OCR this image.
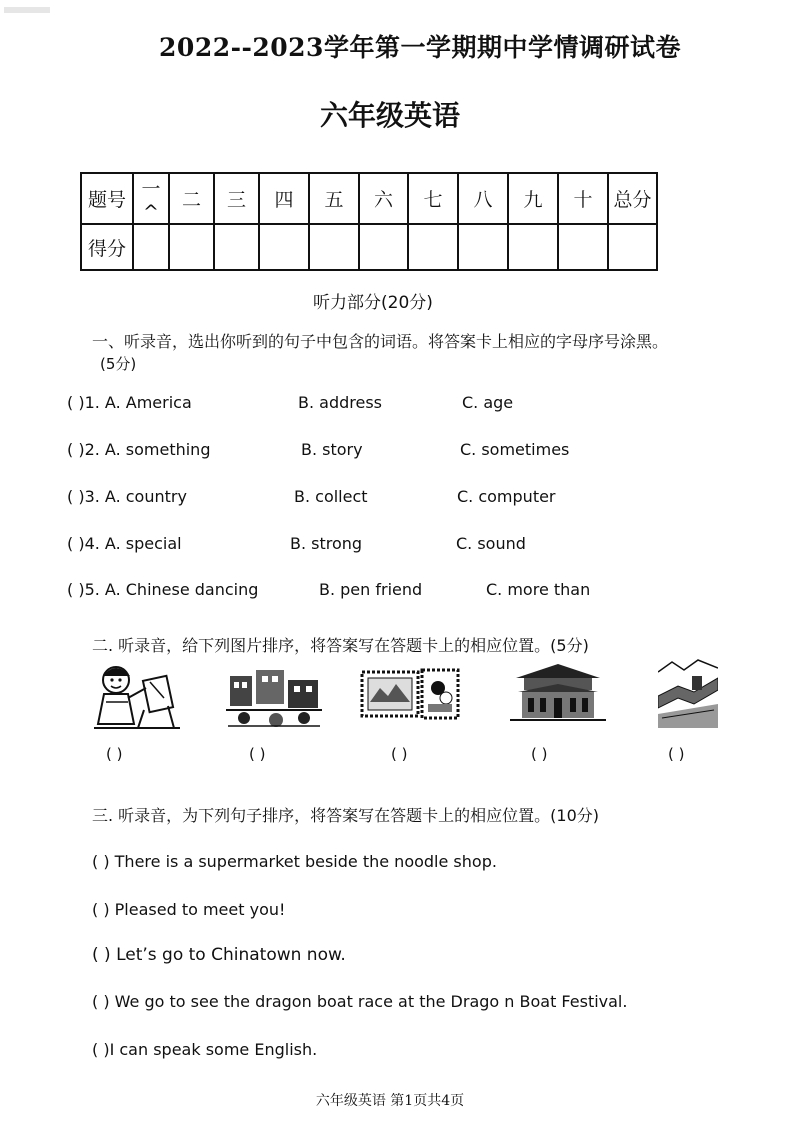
2022--2023学年第一学期期中学情调研试卷
六年级英语
题号	一^	二	三	四	五	六	七	八	九	十	总分
得分											
听力部分(20分)
一、听录音，选出你听到的句子中包含的词语。将答案卡上相应的字母序号涂黑。
(5分)
( )1. A. America	B. address	C. age
( )2. A. something	B. story	C. sometimes
( )3. A. country	B. collect	C. computer
( )4. A. special	B. strong	C. sound
( )5. A. Chinese dancing	B. pen friend	C. more than
二. 听录音，给下列图片排序，将答案写在答题卡上的相应位置。(5分)
( )	( )	( )	( )	( )
三. 听录音，为下列句子排序，将答案写在答题卡上的相应位置。(10分)
( ) There is a supermarket beside the noodle shop.
( ) Pleased to meet you!
( ) Let’s go to Chinatown now.
( ) We go to see the dragon boat race at the Drago n Boat Festival.
( )I can speak some English.
六年级英语 第1页共4页
